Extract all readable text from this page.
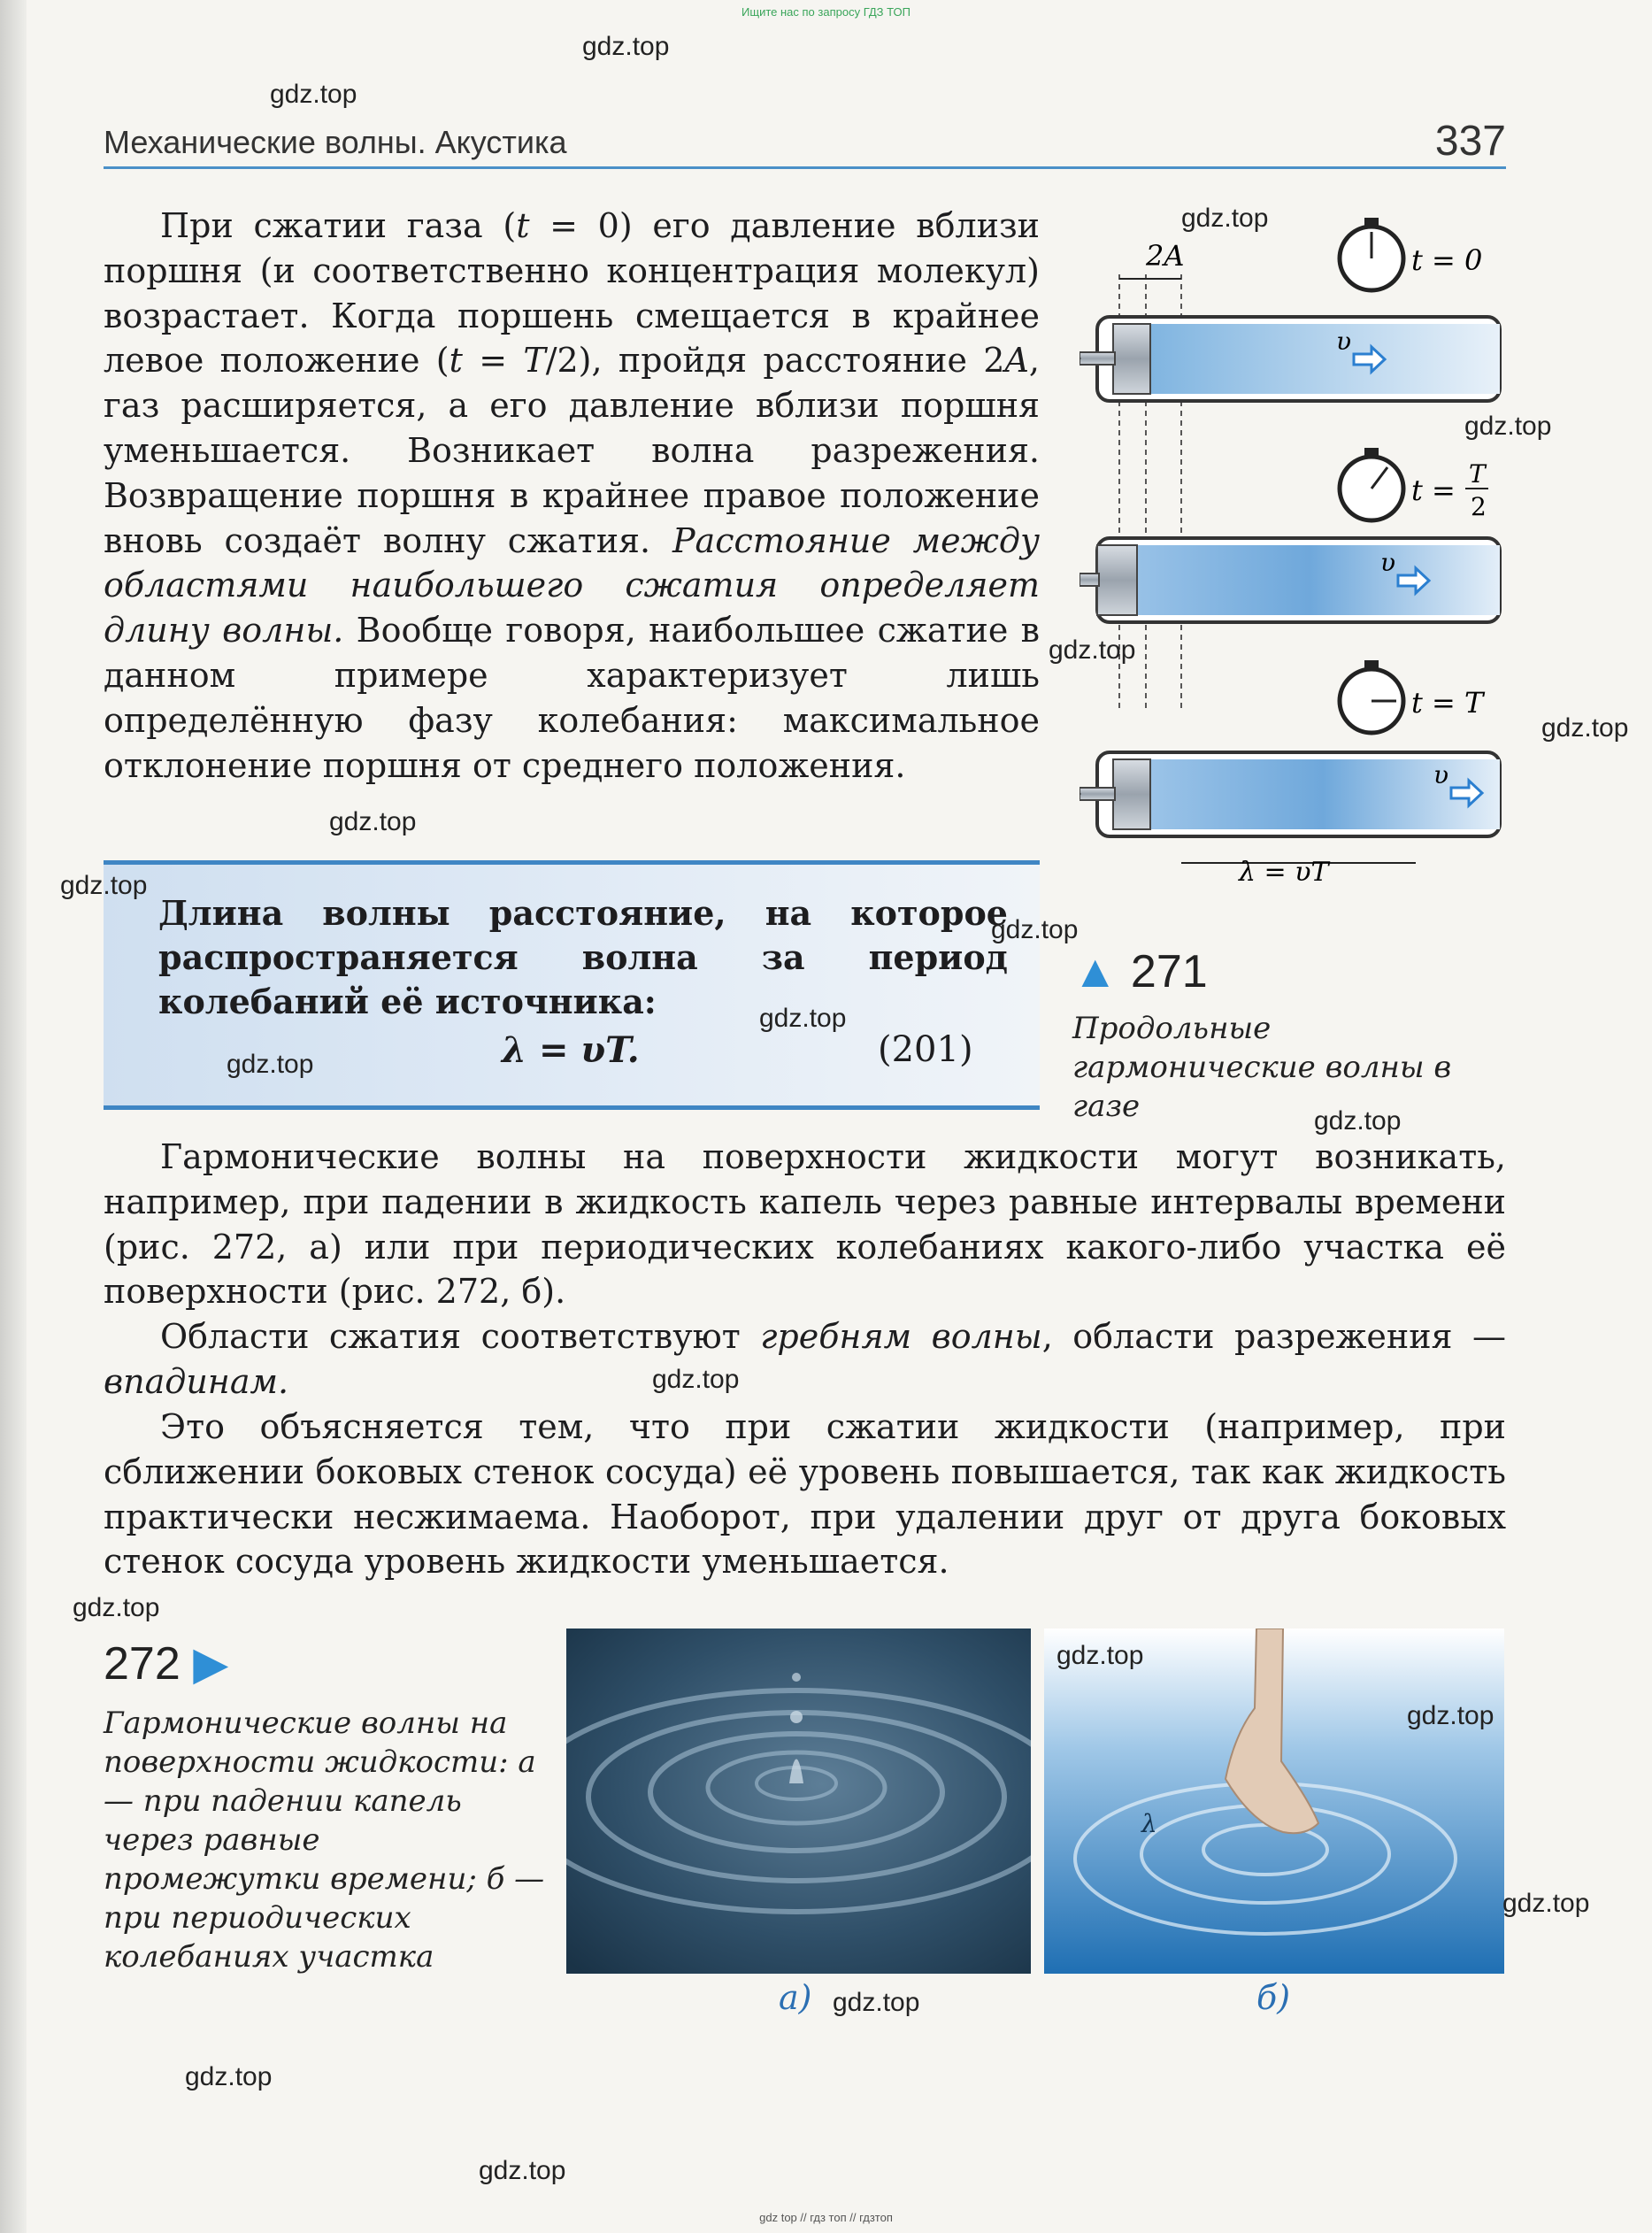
Ищите нас по запросу ГДЗ ТОП
Механические волны. Акустика	337

При сжатии газа (t = 0) его давление вблизи поршня (и соответственно концентрация молекул) возрастает. Когда поршень смещается в крайнее левое положение (t = T/2), пройдя расстояние 2A, газ расширяется, а его давление вблизи поршня уменьшается. Возникает волна разрежения. Возвращение поршня в крайнее правое положение вновь создаёт волну сжатия. Расстояние между областями наибольшего сжатия определяет длину волны. Вообще говоря, наибольшее сжатие в данном примере характеризует лишь определённую фазу колебания: максимальное отклонение поршня от среднего положения.

Длина волны расстояние, на которое распространяется волна за период колебаний её источника:

λ = υT.	(201)

Гармонические волны на поверхности жидкости могут возникать, например, при падении в жидкость капель через равные интервалы времени (рис. 272, а) или при периодических колебаниях какого-либо участка её поверхности (рис. 272, б).

Области сжатия соответствуют гребням волны, области разрежения — впадинам.

Это объясняется тем, что при сжатии жидкости (например, при сближении боковых стенок сосуда) её уровень повышается, так как жидкость практически несжимаема. Наоборот, при удалении друг от друга боковых стенок сосуда уровень жидкости уменьшается.

2A	t = 0
υ
t = T
2
υ
t = T
υ
λ = υT
▲ 271

Продольные гармонические волны в газе

272 ▶

Гармонические волны на поверхности жидкости: а — при падении капель через равные промежутки времени; б — при периодических колебаниях участка

λ
а)	б)
gdz.top
gdz.top
gdz.top
gdz.top
gdz.top
gdz.top
gdz.top
gdz.top
gdz.top
gdz.top
gdz.top
gdz.top
gdz.top
gdz.top
gdz.top
gdz.top
gdz.top
gdz.top
gdz.top
gdz.top
gdz top // гдз топ // гдзтоп
